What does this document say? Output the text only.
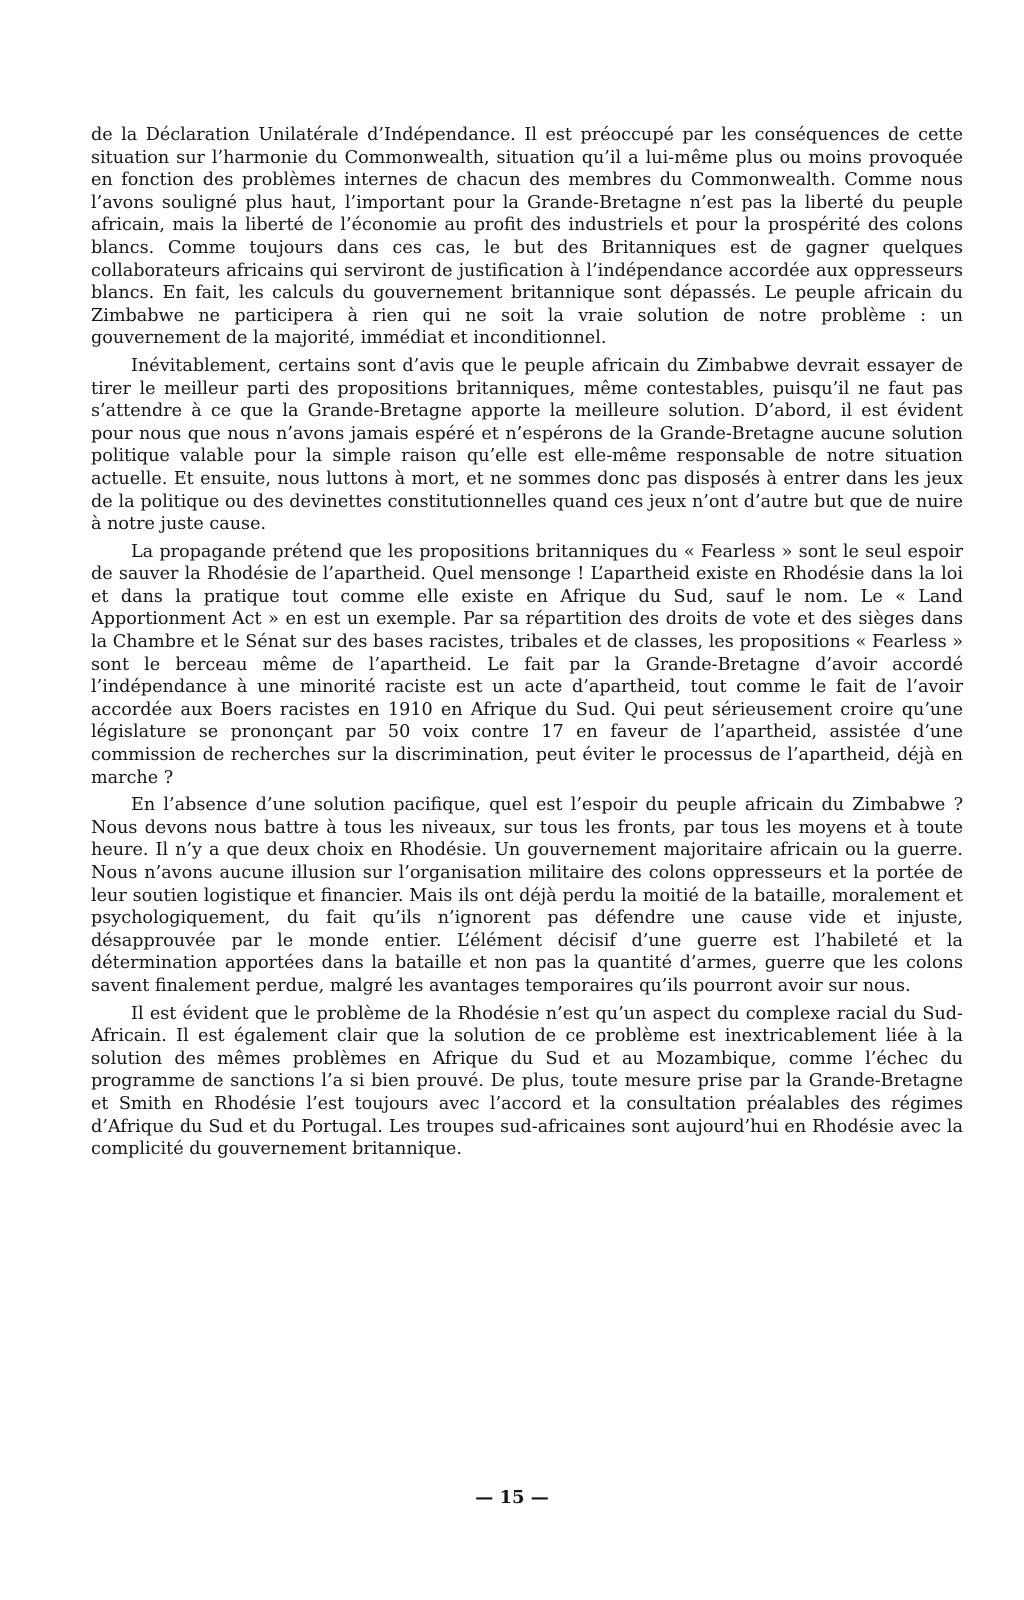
de la Déclaration Unilatérale d’Indépendance. Il est préoccupé par les conséquences de cette situation sur l’harmonie du Commonwealth, situation qu’il a lui-même plus ou moins provoquée en fonction des problèmes internes de chacun des membres du Commonwealth. Comme nous l’avons souligné plus haut, l’important pour la Grande-Bretagne n’est pas la liberté du peuple africain, mais la liberté de l’économie au profit des industriels et pour la prospérité des colons blancs. Comme toujours dans ces cas, le but des Britanniques est de gagner quelques collaborateurs africains qui serviront de justification à l’indépendance accordée aux oppresseurs blancs. En fait, les calculs du gouvernement britannique sont dépassés. Le peuple africain du Zimbabwe ne participera à rien qui ne soit la vraie solution de notre problème : un gouvernement de la majorité, immédiat et inconditionnel.

Inévitablement, certains sont d’avis que le peuple africain du Zimbabwe devrait essayer de tirer le meilleur parti des propositions britanniques, même contestables, puisqu’il ne faut pas s’attendre à ce que la Grande-Bretagne apporte la meilleure solution. D’abord, il est évident pour nous que nous n’avons jamais espéré et n’espérons de la Grande-Bretagne aucune solution politique valable pour la simple raison qu’elle est elle-même responsable de notre situation actuelle. Et ensuite, nous luttons à mort, et ne sommes donc pas disposés à entrer dans les jeux de la politique ou des devinettes constitutionnelles quand ces jeux n’ont d’autre but que de nuire à notre juste cause.

La propagande prétend que les propositions britanniques du « Fearless » sont le seul espoir de sauver la Rhodésie de l’apartheid. Quel mensonge ! L’apartheid existe en Rhodésie dans la loi et dans la pratique tout comme elle existe en Afrique du Sud, sauf le nom. Le « Land Apportionment Act » en est un exemple. Par sa répartition des droits de vote et des sièges dans la Chambre et le Sénat sur des bases racistes, tribales et de classes, les propositions « Fearless » sont le berceau même de l’apartheid. Le fait par la Grande-Bretagne d’avoir accordé l’indépendance à une minorité raciste est un acte d’apartheid, tout comme le fait de l’avoir accordée aux Boers racistes en 1910 en Afrique du Sud. Qui peut sérieusement croire qu’une législature se prononçant par 50 voix contre 17 en faveur de l’apartheid, assistée d’une commission de recherches sur la discrimination, peut éviter le processus de l’apartheid, déjà en marche ?

En l’absence d’une solution pacifique, quel est l’espoir du peuple africain du Zimbabwe ? Nous devons nous battre à tous les niveaux, sur tous les fronts, par tous les moyens et à toute heure. Il n’y a que deux choix en Rhodésie. Un gouvernement majoritaire africain ou la guerre. Nous n’avons aucune illusion sur l’organisation militaire des colons oppresseurs et la portée de leur soutien logistique et financier. Mais ils ont déjà perdu la moitié de la bataille, moralement et psychologiquement, du fait qu’ils n’ignorent pas défendre une cause vide et injuste, désapprouvée par le monde entier. L’élément décisif d’une guerre est l’habileté et la détermination apportées dans la bataille et non pas la quantité d’armes, guerre que les colons savent finalement perdue, malgré les avantages temporaires qu’ils pourront avoir sur nous.

Il est évident que le problème de la Rhodésie n’est qu’un aspect du complexe racial du Sud-Africain. Il est également clair que la solution de ce problème est inextricablement liée à la solution des mêmes problèmes en Afrique du Sud et au Mozambique, comme l’échec du programme de sanctions l’a si bien prouvé. De plus, toute mesure prise par la Grande-Bretagne et Smith en Rhodésie l’est toujours avec l’accord et la consultation préalables des régimes d’Afrique du Sud et du Portugal. Les troupes sud-africaines sont aujourd’hui en Rhodésie avec la complicité du gouvernement britannique.

— 15 —
